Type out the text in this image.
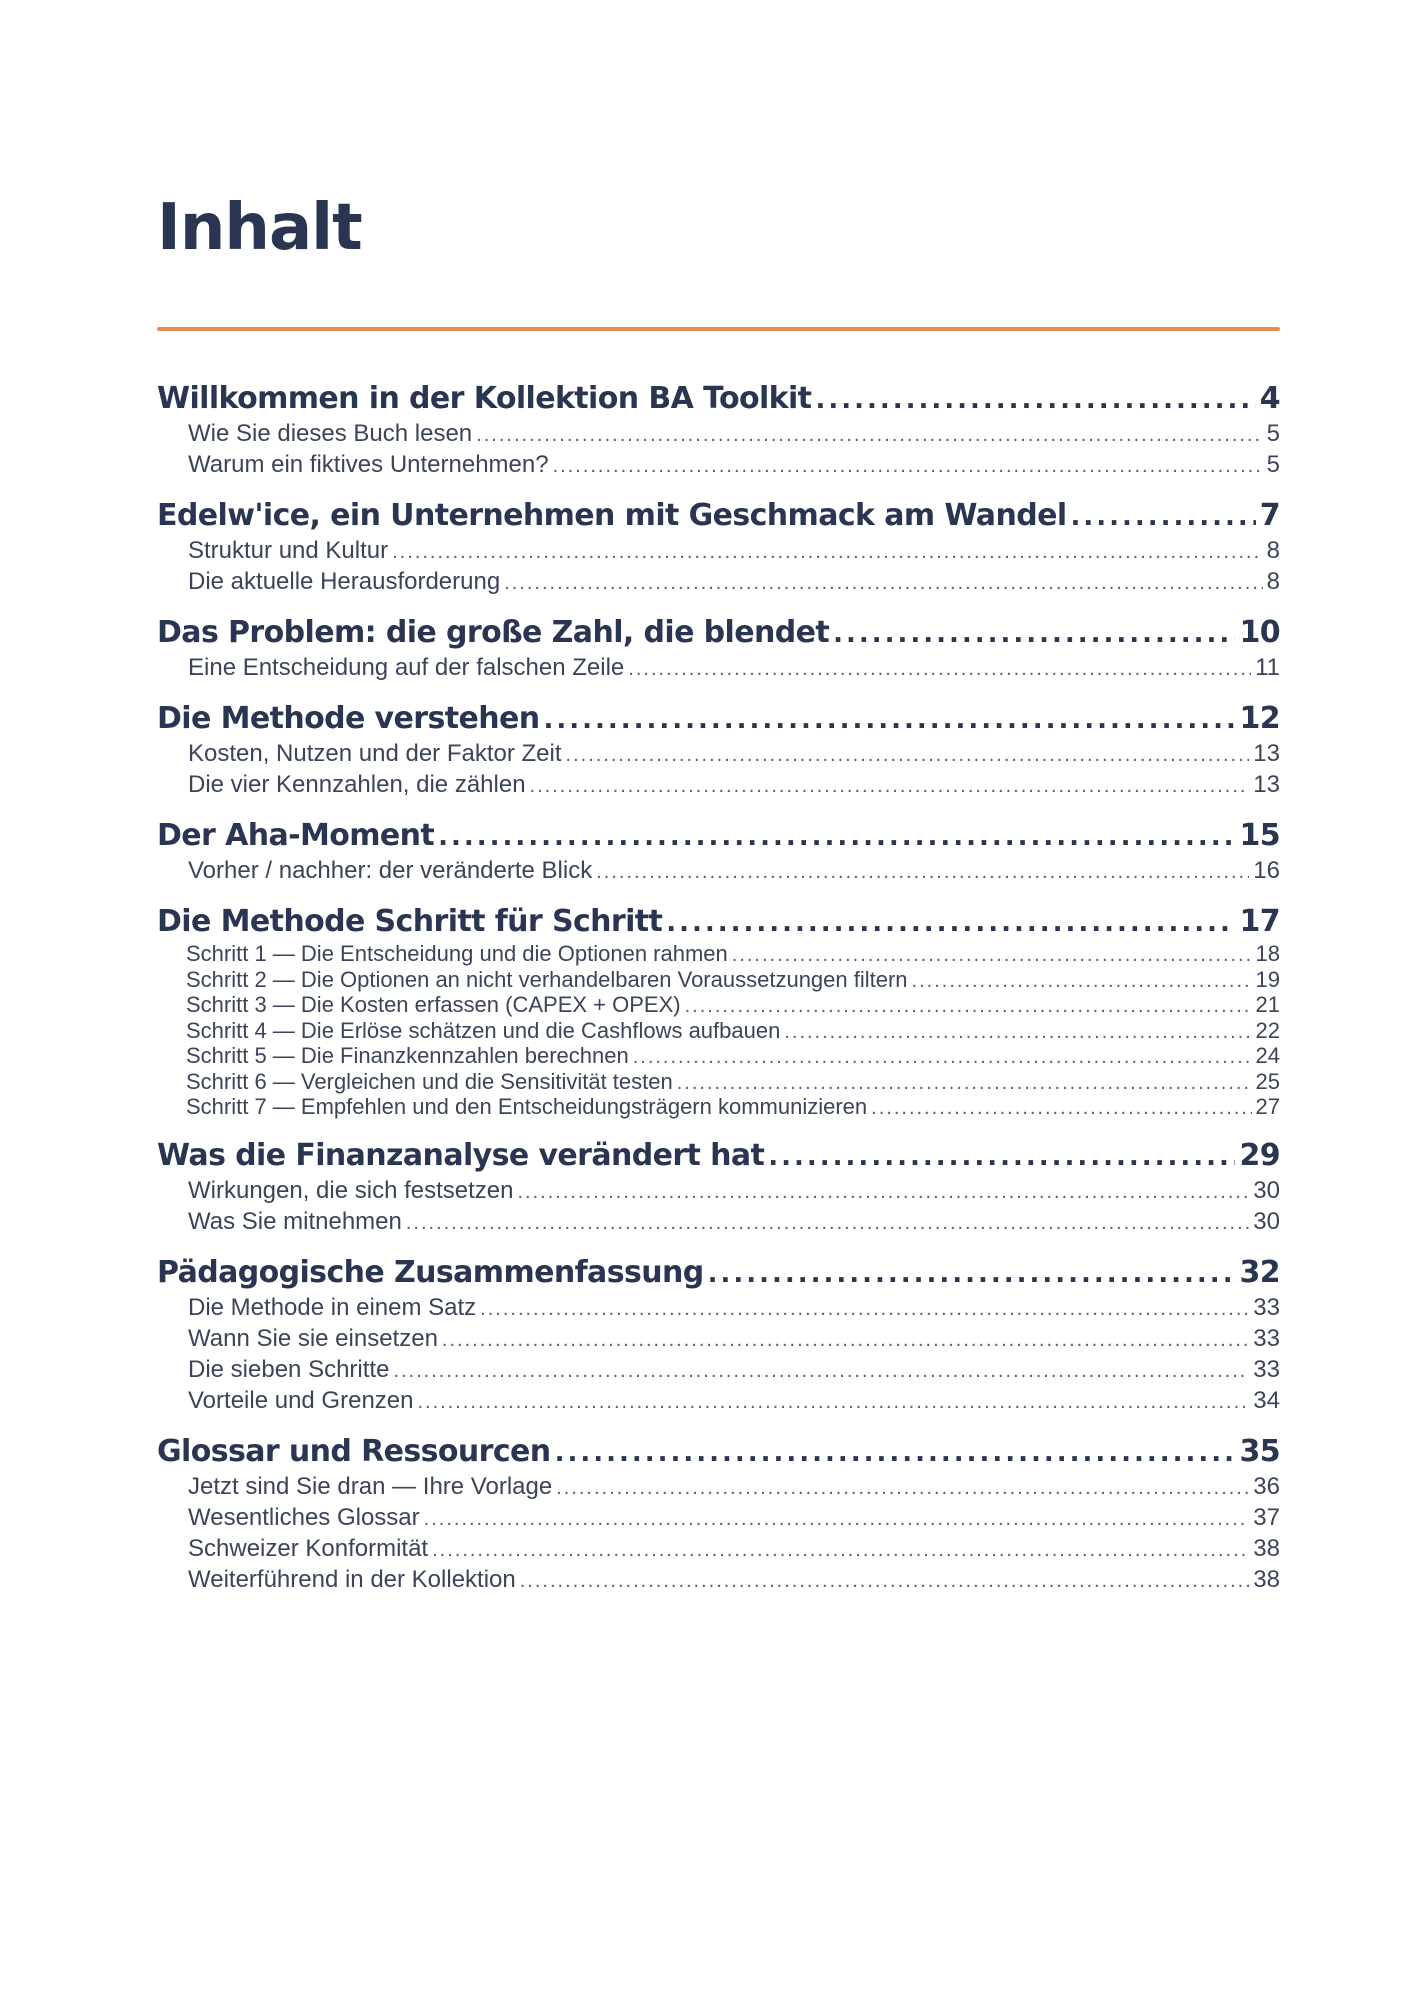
Inhalt
Willkommen in der Kollektion BA Toolkit .....	4
Wie Sie dieses Buch lesen .....	5
Warum ein fiktives Unternehmen? .....	5
Edelw'ice, ein Unternehmen mit Geschmack am Wandel .....	7
Struktur und Kultur .....	8
Die aktuelle Herausforderung .....	8
Das Problem: die große Zahl, die blendet .....	10
Eine Entscheidung auf der falschen Zeile .....	11
Die Methode verstehen .....	12
Kosten, Nutzen und der Faktor Zeit .....	13
Die vier Kennzahlen, die zählen .....	13
Der Aha-Moment .....	15
Vorher / nachher: der veränderte Blick .....	16
Die Methode Schritt für Schritt .....	17
Schritt 1 — Die Entscheidung und die Optionen rahmen .....	18
Schritt 2 — Die Optionen an nicht verhandelbaren Voraussetzungen filtern .....	19
Schritt 3 — Die Kosten erfassen (CAPEX + OPEX) .....	21
Schritt 4 — Die Erlöse schätzen und die Cashflows aufbauen .....	22
Schritt 5 — Die Finanzkennzahlen berechnen .....	24
Schritt 6 — Vergleichen und die Sensitivität testen .....	25
Schritt 7 — Empfehlen und den Entscheidungsträgern kommunizieren .....	27
Was die Finanzanalyse verändert hat .....	29
Wirkungen, die sich festsetzen .....	30
Was Sie mitnehmen .....	30
Pädagogische Zusammenfassung .....	32
Die Methode in einem Satz .....	33
Wann Sie sie einsetzen .....	33
Die sieben Schritte .....	33
Vorteile und Grenzen .....	34
Glossar und Ressourcen .....	35
Jetzt sind Sie dran — Ihre Vorlage .....	36
Wesentliches Glossar .....	37
Schweizer Konformität .....	38
Weiterführend in der Kollektion .....	38
